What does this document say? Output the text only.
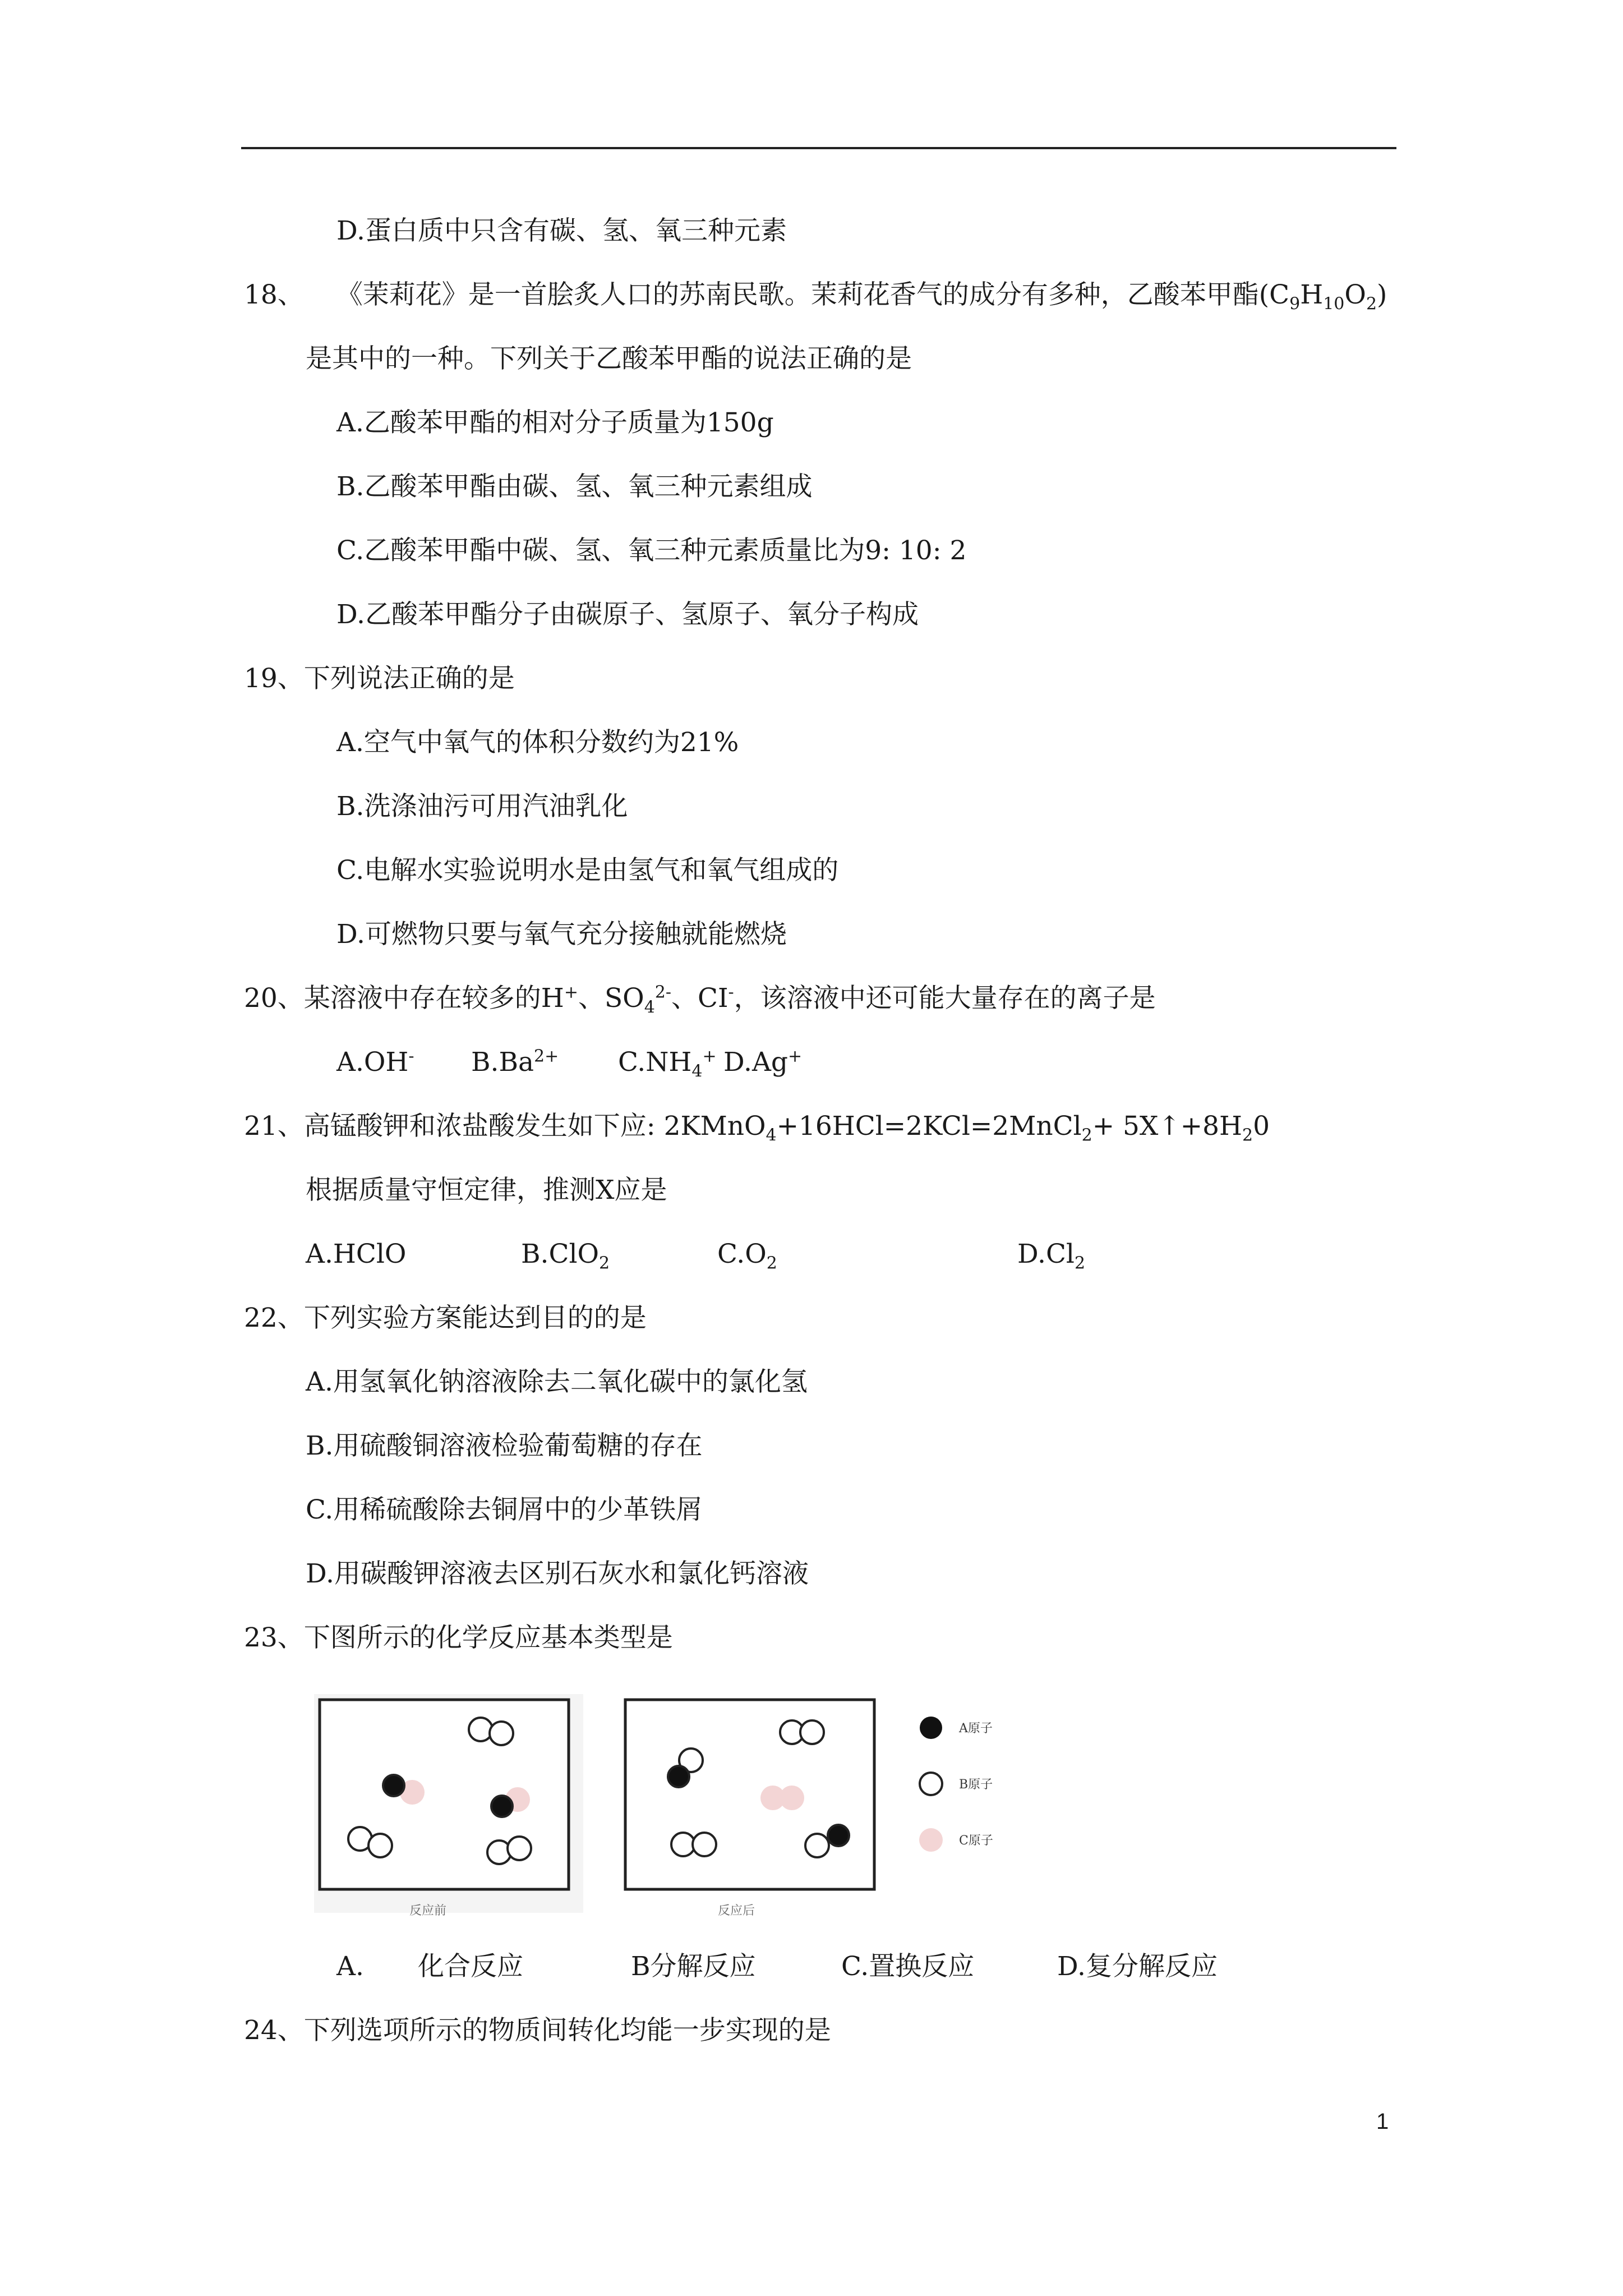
D.蛋白质中只含有碳、氢、氧三种元素
18、 《茉莉花》是一首脍炙人口的苏南民歌。茉莉花香气的成分有多种，乙酸苯甲酯$(C_9H_{10}O_2)$
是其中的一种。下列关于乙酸苯甲酯的说法正确的是
A.乙酸苯甲酯的相对分子质量为150g
B.乙酸苯甲酯由碳、氢、氧三种元素组成
C.乙酸苯甲酯中碳、氢、氧三种元素质量比为9: 10: 2
D.乙酸苯甲酯分子由碳原子、氢原子、氧分子构成
19、下列说法正确的是
A.空气中氧气的体积分数约为21%
B.洗涤油污可用汽油乳化
C.电解水实验说明水是由氢气和氧气组成的
D.可燃物只要与氧气充分接触就能燃烧
20、某溶液中存在较多的H+、$SO_4^{2-}$、CI-，该溶液中还可能大量存在的离子是
A.OH- $B.Ba^{2+}$ $C.NH_4^+$ D.Ag+
21、高锰酸钾和浓盐酸发生如下应: 2KMnO$_4$+16HCl=2KCl=2MnCl$_2$+ $5X↑+8H_20$
根据质量守恒定律，推测X应是
A.HClO	B.ClO$_2$	$C.O_2$	$D.Cl_2$
22、下列实验方案能达到目的的是
A.用氢氧化钠溶液除去二氧化碳中的氯化氢
B.用硫酸铜溶液检验葡萄糖的存在
C.用稀硫酸除去铜屑中的少革铁屑
D.用碳酸钾溶液去区别石灰水和氯化钙溶液
23、下图所示的化学反应基本类型是
反应前	反应后
A原子
B原子
C原子
A. 化合反应	B分解反应	C.置换反应	D.复分解反应
24、下列选项所示的物质间转化均能一步实现的是
1
